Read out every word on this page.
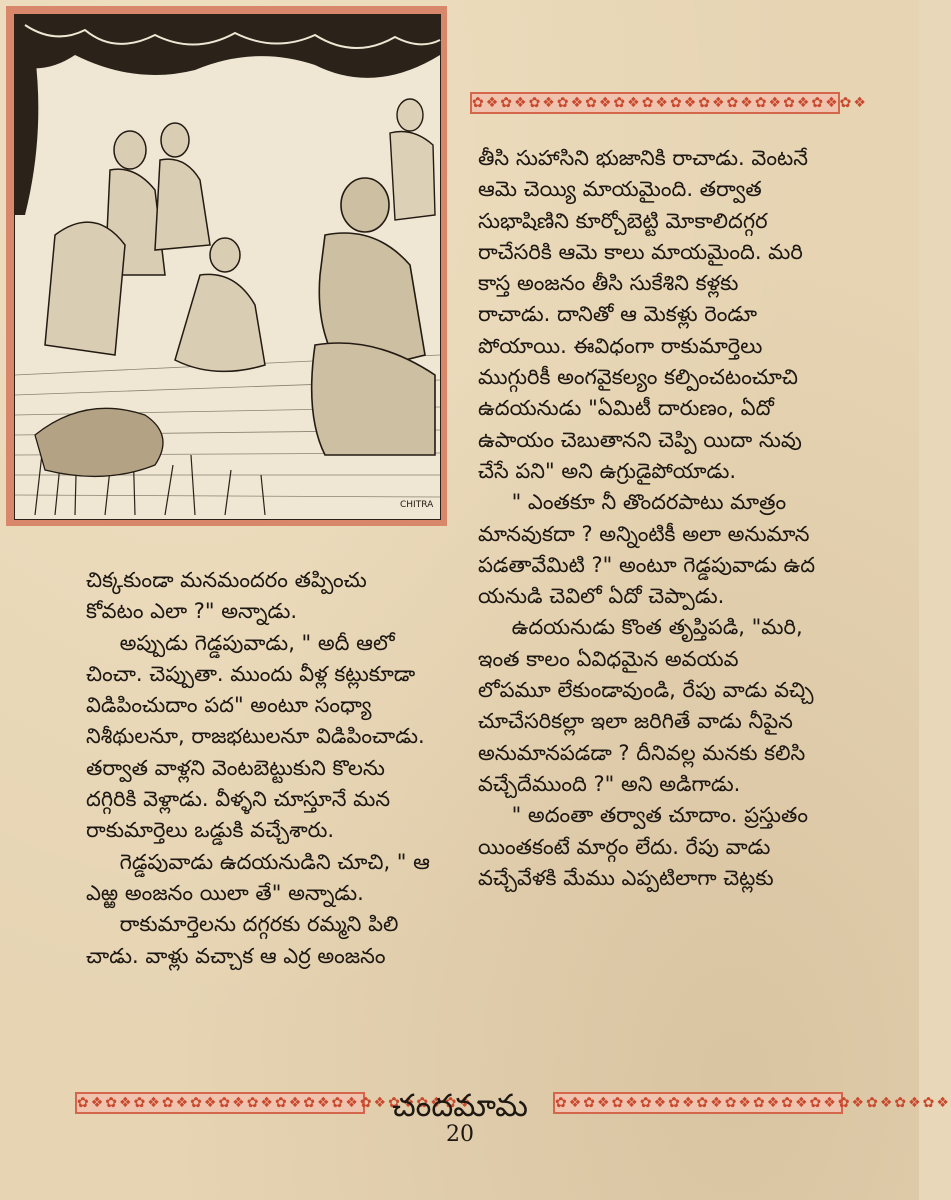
CHITRA
✿❖✿❖✿❖✿❖✿❖✿❖✿❖✿❖✿❖✿❖✿❖✿❖✿❖✿❖

తీసి సుహాసిని భుజానికి రాచాడు. వెంటనే

ఆమె చెయ్యి మాయమైంది. తర్వాత

సుభాషిణిని కూర్చోబెట్టి మోకాలిదగ్గర

రాచేసరికి ఆమె కాలు మాయమైంది. మరి

కాస్త అంజనం తీసి సుకేశిని కళ్లకు

రాచాడు. దానితో ఆ మెకళ్లు రెండూ

పోయాయి. ఈవిధంగా రాకుమార్తెలు

ముగ్గురికీ అంగవైకల్యం కల్పించటంచూచి

ఉదయనుడు "ఏమిటీ దారుణం, ఏదో

ఉపాయం చెబుతానని చెప్పి యిదా నువు

చేసే పని" అని ఉగ్రుడైపోయాడు.

" ఎంతకూ నీ తొందరపాటు మాత్రం

మానవుకదా ? అన్నింటికీ అలా అనుమాన

పడతావేమిటి ?" అంటూ గెడ్డపువాడు ఉద

యనుడి చెవిలో ఏదో చెప్పాడు.

ఉదయనుడు కొంత తృప్తిపడి, "మరి,

ఇంత కాలం ఏవిధమైన అవయవ

లోపమూ లేకుండావుండి, రేపు వాడు వచ్చి

చూచేసరికల్లా ఇలా జరిగితే వాడు నీపైన

అనుమానపడడా ? దీనివల్ల మనకు కలిసి

వచ్చేదేముంది ?" అని అడిగాడు.

" అదంతా తర్వాత చూదాం. ప్రస్తుతం

యింతకంటే మార్గం లేదు. రేపు వాడు

వచ్చేవేళకి మేము ఎప్పటిలాగా చెట్లకు

చిక్కకుండా మనమందరం తప్పించు

కోవటం ఎలా ?" అన్నాడు.

అప్పుడు గెడ్డపువాడు, " అదీ ఆలో

చించా. చెప్పుతా. ముందు వీళ్ల కట్లుకూడా

విడిపించుదాం పద" అంటూ సంధ్యా

నిశీథులనూ, రాజభటులనూ విడిపించాడు.

తర్వాత వాళ్లని వెంటబెట్టుకుని కొలను

దగ్గిరికి వెళ్లాడు. వీళ్ళని చూస్తూనే మన

రాకుమార్తెలు ఒడ్డుకి వచ్చేశారు.

గెడ్డపువాడు ఉదయనుడిని చూచి, " ఆ

ఎఱ్ఱ అంజనం యిలా తే" అన్నాడు.

రాకుమార్తెలను దగ్గరకు రమ్మని పిలి

చాడు. వాళ్లు వచ్చాక ఆ ఎర్ర అంజనం

✿❖✿❖✿❖✿❖✿❖✿❖✿❖✿❖✿❖✿❖✿❖✿❖✿❖✿❖	✿❖✿❖✿❖✿❖✿❖✿❖✿❖✿❖✿❖✿❖✿❖✿❖✿❖✿❖
చందమామ
20
